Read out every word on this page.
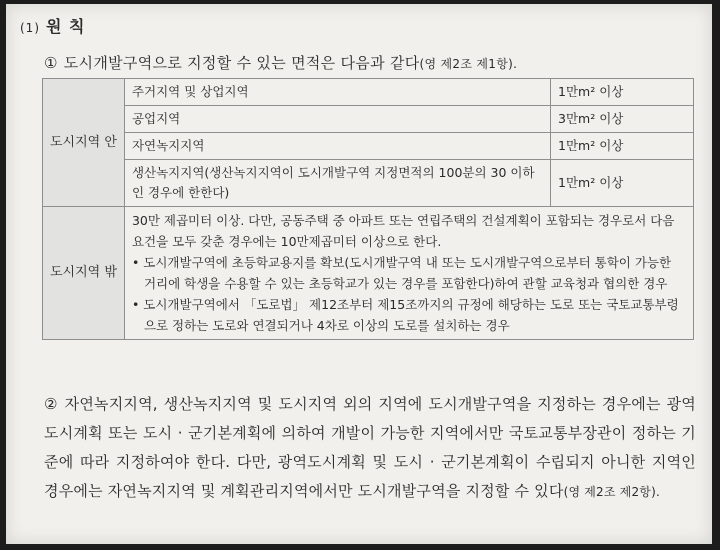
(1) 원 칙
① 도시개발구역으로 지정할 수 있는 면적은 다음과 같다(영 제2조 제1항).
도시지역 안	주거지역 및 상업지역	1만m² 이상
	공업지역	3만m² 이상
	자연녹지지역	1만m² 이상
	생산녹지지역(생산녹지지역이 도시개발구역 지정면적의 100분의 30 이하인 경우에 한한다)	1만m² 이상
도시지역 밖	30만 제곱미터 이상. 다만, 공동주택 중 아파트 또는 연립주택의 건설계획이 포함되는 경우로서 다음 요건을 모두 갖춘 경우에는 10만제곱미터 이상으로 한다.
• 도시개발구역에 초등학교용지를 확보(도시개발구역 내 또는 도시개발구역으로부터 통학이 가능한 거리에 학생을 수용할 수 있는 초등학교가 있는 경우를 포함한다)하여 관할 교육청과 협의한 경우
• 도시개발구역에서 「도로법」 제12조부터 제15조까지의 규정에 해당하는 도로 또는 국토교통부령으로 정하는 도로와 연결되거나 4차로 이상의 도로를 설치하는 경우	
② 자연녹지지역, 생산녹지지역 및 도시지역 외의 지역에 도시개발구역을 지정하는 경우에는 광역도시계획 또는 도시 · 군기본계획에 의하여 개발이 가능한 지역에서만 국토교통부장관이 정하는 기준에 따라 지정하여야 한다. 다만, 광역도시계획 및 도시 · 군기본계획이 수립되지 아니한 지역인 경우에는 자연녹지지역 및 계획관리지역에서만 도시개발구역을 지정할 수 있다(영 제2조 제2항).
